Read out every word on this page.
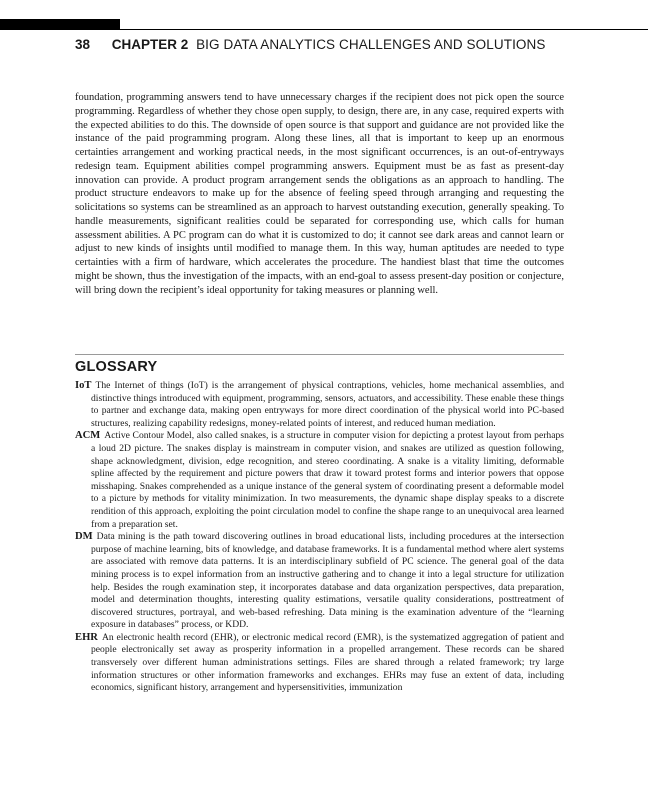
38 CHAPTER 2 BIG DATA ANALYTICS CHALLENGES AND SOLUTIONS

foundation, programming answers tend to have unnecessary charges if the recipient does not pick open the source programming. Regardless of whether they chose open supply, to design, there are, in any case, required experts with the expected abilities to do this. The downside of open source is that support and guidance are not provided like the instance of the paid programming program. Along these lines, all that is important to keep up an enormous certainties arrangement and working practical needs, in the most significant occurrences, is an out-of-entryways redesign team. Equipment abilities compel programming answers. Equipment must be as fast as present-day innovation can provide. A product program arrangement sends the obligations as an approach to handling. The product structure endeavors to make up for the absence of feeling speed through arranging and requesting the solicitations so systems can be streamlined as an approach to harvest outstanding execution, generally speaking. To handle measurements, significant realities could be separated for corresponding use, which calls for human assessment abilities. A PC program can do what it is customized to do; it cannot see dark areas and cannot learn or adjust to new kinds of insights until modified to manage them. In this way, human aptitudes are needed to type certainties with a firm of hardware, which accelerates the procedure. The handiest blast that time the outcomes might be shown, thus the investigation of the impacts, with an end-goal to assess present-day position or conjecture, will bring down the recipient’s ideal opportunity for taking measures or planning well.

GLOSSARY

IoT The Internet of things (IoT) is the arrangement of physical contraptions, vehicles, home mechanical assemblies, and distinctive things introduced with equipment, programming, sensors, actuators, and accessibility. These enable these things to partner and exchange data, making open entryways for more direct coordination of the physical world into PC-based structures, realizing capability redesigns, money-related points of interest, and reduced human mediation.

ACM Active Contour Model, also called snakes, is a structure in computer vision for depicting a protest layout from perhaps a loud 2D picture. The snakes display is mainstream in computer vision, and snakes are utilized as question following, shape acknowledgment, division, edge recognition, and stereo coordinating. A snake is a vitality limiting, deformable spline affected by the requirement and picture powers that draw it toward protest forms and interior powers that oppose misshaping. Snakes comprehended as a unique instance of the general system of coordinating present a deformable model to a picture by methods for vitality minimization. In two measurements, the dynamic shape display speaks to a discrete rendition of this approach, exploiting the point circulation model to confine the shape range to an unequivocal area learned from a preparation set.

DM Data mining is the path toward discovering outlines in broad educational lists, including procedures at the intersection purpose of machine learning, bits of knowledge, and database frameworks. It is a fundamental method where alert systems are associated with remove data patterns. It is an interdisciplinary subfield of PC science. The general goal of the data mining process is to expel information from an instructive gathering and to change it into a legal structure for utilization help. Besides the rough examination step, it incorporates database and data organization perspectives, data preparation, model and determination thoughts, interesting quality estimations, versatile quality considerations, posttreatment of discovered structures, portrayal, and web-based refreshing. Data mining is the examination adventure of the “learning exposure in databases” process, or KDD.

EHR An electronic health record (EHR), or electronic medical record (EMR), is the systematized aggregation of patient and people electronically set away as prosperity information in a propelled arrangement. These records can be shared transversely over different human administrations settings. Files are shared through a related framework; try large information structures or other information frameworks and exchanges. EHRs may fuse an extent of data, including economics, significant history, arrangement and hypersensitivities, immunization
